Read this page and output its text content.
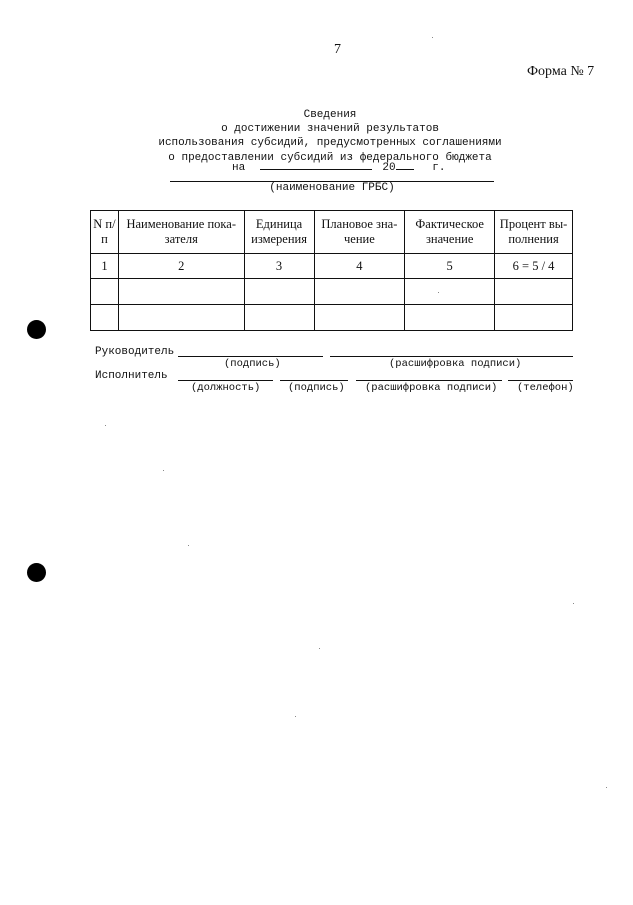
7
Форма № 7
Сведения
о достижении значений результатов
использования субсидий, предусмотренных соглашениями
о предоставлении субсидий из федерального бюджета
на	20	г.
(наименование ГРБС)
N п/п	Наименование пока-зателя	Единица измерения	Плановое зна-чение	Фактическое значение	Процент вы-полнения
1	2	3	4	5	6 = 5 / 4

Руководитель
(подпись)	(расшифровка подписи)
Исполнитель
(должность)	(подпись) (расшифровка подписи) (телефон)
